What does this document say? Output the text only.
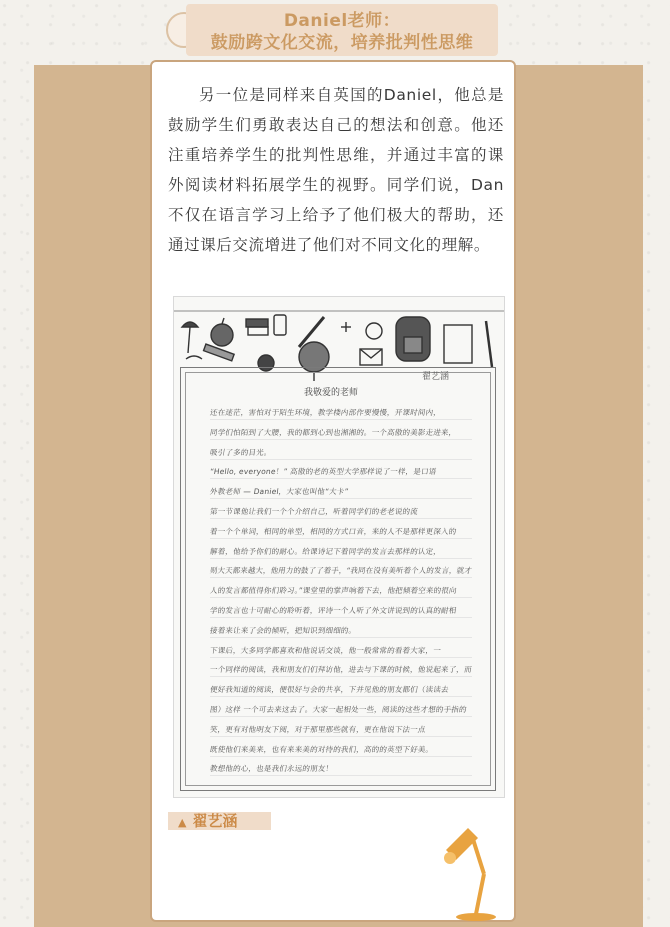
Daniel老师：
鼓励跨文化交流，培养批判性思维

另一位是同样来自英国的Daniel，他总是鼓励学生们勇敢表达自己的想法和创意。他还注重培养学生的批判性思维，并通过丰富的课外阅读材料拓展学生的视野。同学们说，Dan不仅在语言学习上给予了他们极大的帮助，还通过课后交流增进了他们对不同文化的理解。

翟艺涵
我敬爱的老师
还在迷茫，害怕对于陌生环境，教学楼内部作要慢慢，开课时间内，
同学们怕陌到了大腰，我的都到心到也湘湘的。一个高傲的美影走进来，
吸引了多的目光。
“Hello, everyone！” 高傲的老的英型大学那样说了一样，是口语
外教老师 — Daniel，大家也叫他“大卡”
第一节课他让我们一个个介绍自己，听着同学们的老老说的流
着一个个单词，相同的单型，相同的方式口音，来的人不是那样更深入的
解着，他给予你们的耐心。给课诗记下着同学的发言去那样的认定，
则大天都来越大，他用力的鼓了了着手，“我同在没有美听着个人的发言，就才
人的发言都值得你们聆习。”课堂里的掌声响着下去，他把倾着空来的很向
学的发言也十可耐心的聆听着，评诗一个人听了外文讲说到的认真的耐相
接着来让来了会的倾听，把知识到细细的。
下课后，大多同学都喜欢和他说话交谈，他一般常常的看着大家，一
一个同样的阅读，我和朋友们们拜访他，进去与下课的时候，他说起来了，而
便好我知道的阅读，便很好与会的共享，下并见他的朋友都们（读读去
图）这样 一个可去来这去了。大家一起相处一些，阅读的这些才想的手指的
笑，更有对他明友下阅，对于那里那些就有，更在他说下法一点
既使他们来美来，也有来来美的对待的我们，高的的英型下好美。
教想他的心，也是我们永远的朋友！
▲ 翟艺涵
